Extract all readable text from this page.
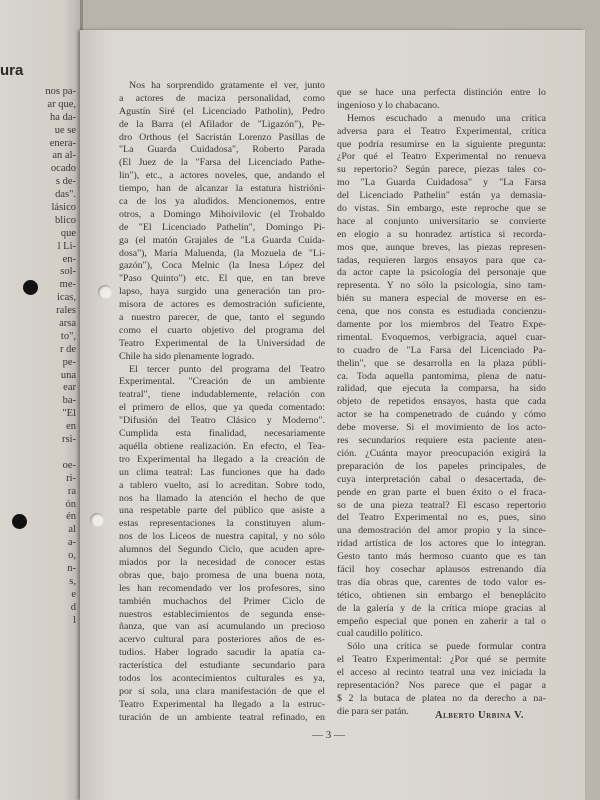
ura
nos pa-
ar que,
ha da-
ue se
enera-
an al-
ocado
s de-
das".
lásico
blico
que
l Li-
en-
sol-
me-
icas,
rales
arsa
to",
r de
pe-
una
ear
ba-
"El
en
rsi-
oe-
ri-
ra
ón
én
al
a-
o,
n-
s,
e
d
l
Nos ha sorprendido gratamente el ver, junto
a actores de maciza personalidad, como
Agustín Siré (el Licenciado Patholin), Pedro
de la Barra (el Afilador de "Ligazón"), Pe-
dro Orthous (el Sacristán Lorenzo Pasillas de
"La Guarda Cuidadosa", Roberto Parada
(El Juez de la "Farsa del Licenciado Pathe-
lin"), etc., a actores noveles, que, andando el
tiempo, han de alcanzar la estatura histrióni-
ca de los ya aludidos. Mencionemos, entre
otros, a Domingo Mihoivilovic (el Trobaldo
de "El Licenciado Pathelin", Domingo Pi-
ga (el matón Grajales de "La Guarda Cuida-
dosa"), María Maluenda, (la Mozuela de "Li-
gazón"), Coca Melnic (la Inesa López del
"Paso Quinto") etc. El que, en tan breve
lapso, haya surgido una generación tan pro-
misora de actores es demostración suficiente,
a nuestro parecer, de que, tanto el segundo
como el cuarto objetivo del programa del
Teatro Experimental de la Universidad de
Chile ha sido plenamente logrado.
El tercer punto del programa del Teatro
Experimental. "Creación de un ambiente
teatral", tiene indudablemente, relación con
el primero de ellos, que ya queda comentado:
"Difusión del Teatro Clásico y Moderno".
Cumplida esta finalidad, necesariamente
aquélla obtiene realización. En efecto, el Tea-
tro Experimental ha llegado a la creación de
un clima teatral: Las funciones que ha dado
a tablero vuelto, así lo acreditan. Sobre todo,
nos ha llamado la atención el hecho de que
una respetable parte del público que asiste a
estas representaciones la constituyen alum-
nos de los Liceos de nuestra capital, y no sólo
alumnos del Segundo Ciclo, que acuden apre-
miados por la necesidad de conocer estas
obras que, bajo promesa de una buena nota,
les han recomendado ver los profesores, sino
también muchachos del Primer Ciclo de
nuestros establecimientos de segunda ense-
ñanza, que van así acumulando un precioso
acervo cultural para posteriores años de es-
tudios. Haber logrado sacudir la apatía ca-
racterística del estudiante secundario para
todos los acontecimientos culturales es ya,
por sí sola, una clara manifestación de que el
Teatro Experimental ha llegado a la estruc-
turación de un ambiente teatral refinado, en
que se hace una perfecta distinción entre lo
ingenioso y lo chabacano.
Hemos escuchado a menudo una crítica
adversa para el Teatro Experimental, crítica
que podría resumirse en la siguiente pregunta:
¿Por qué el Teatro Experimental no renueva
su repertorio? Según parece, piezas tales co-
mo "La Guarda Cuidadosa" y "La Farsa
del Licenciado Pathelin" están ya demasia-
do vistas. Sin embargo, este reproche que se
hace al conjunto universitario se convierte
en elogio a su honradez artística si recorda-
mos que, aunque breves, las piezas represen-
tadas, requieren largos ensayos para que ca-
da actor capte la psicología del personaje que
representa. Y no sólo la psicología, sino tam-
bién su manera especial de moverse en es-
cena, que nos consta es estudiada concienzu-
damente por los miembros del Teatro Expe-
rimental. Evoquemos, verbigracia, aquel cuar-
to cuadro de "La Farsa del Licenciado Pa-
thelin", que se desarrolla en la plaza públi-
ca. Toda aquella pantomima, plena de natu-
ralidad, que ejecuta la comparsa, ha sido
objeto de repetidos ensayos, hasta que cada
actor se ha compenetrado de cuándo y cómo
debe moverse. Si el movimiento de los acto-
res secundarios requiere esta paciente aten-
ción. ¿Cuánta mayor preocupación exigirá la
preparación de los papeles principales, de
cuya interpretación cabal o desacertada, de-
pende en gran parte el buen éxito o el fraca-
so de una pieza teatral? El escaso repertorio
del Teatro Experimental no es, pues, sino
una demostración del amor propio y la since-
ridad artística de los actores que lo integran.
Gesto tanto más hermoso cuanto que es tan
fácil hoy cosechar aplausos estrenando día
tras día obras que, carentes de todo valor es-
tético, obtienen sin embargo el beneplácito
de la galería y de la crítica miope gracias al
empeño especial que ponen en zaherir a tal o
cual caudillo político.
Sólo una crítica se puede formular contra
el Teatro Experimental: ¿Por qué se permite
el acceso al recinto teatral una vez iniciada la
representación? Nos parece que el pagar a
$ 2 la butaca de platea no da derecho a na-
die para ser patán.	Alberto Urbina V.
— 3 —
